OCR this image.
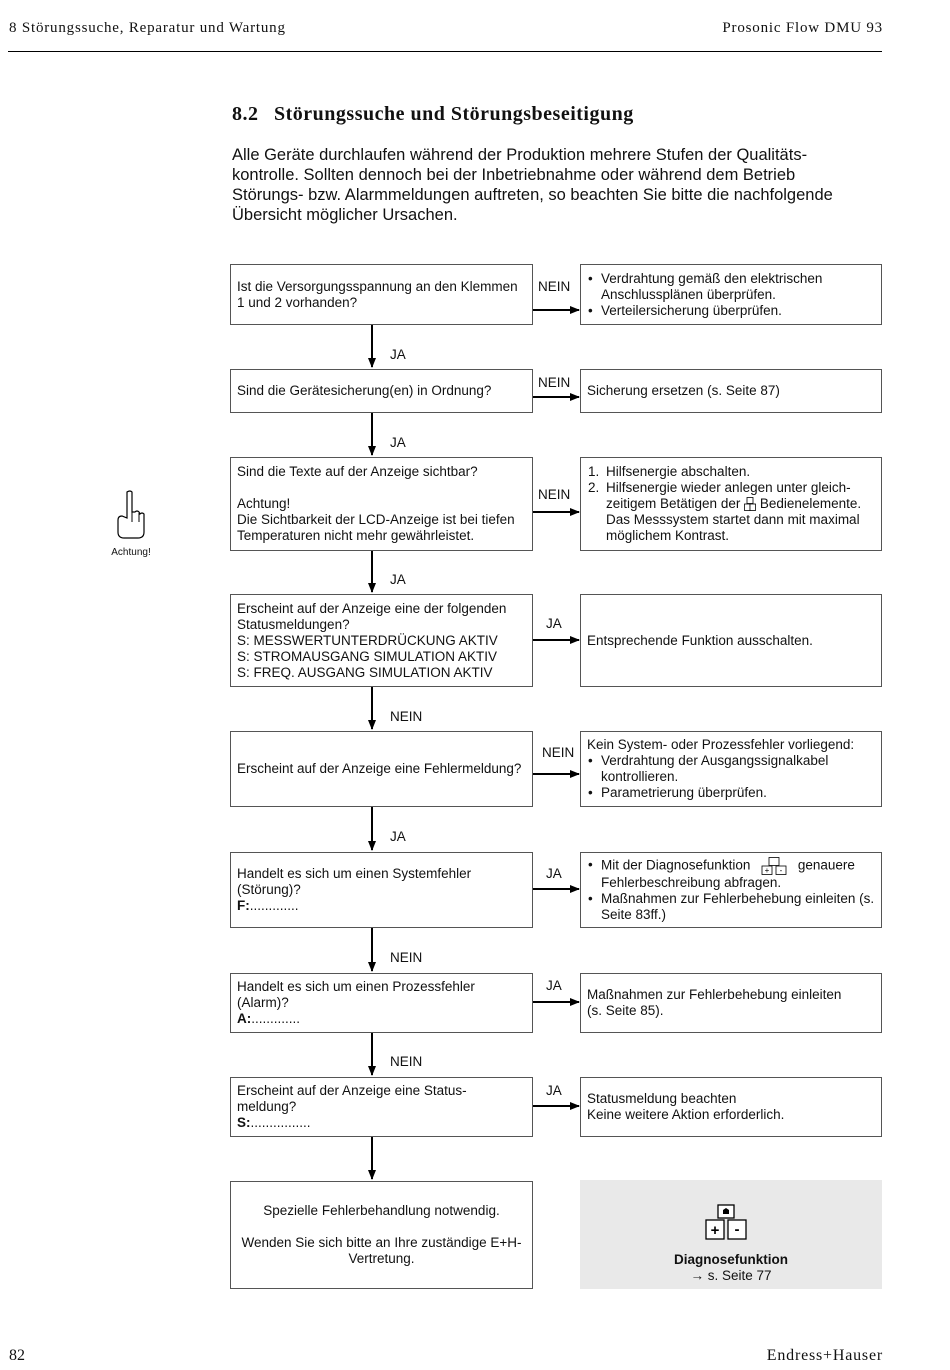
8 Störungssuche, Reparatur und Wartung	Prosonic Flow DMU 93
8.2 Störungssuche und Störungsbeseitigung

Alle Geräte durchlaufen während der Produktion mehrere Stufen der Qualitäts-

kontrolle. Sollten dennoch bei der Inbetriebnahme oder während dem Betrieb

Störungs- bzw. Alarmmeldungen auftreten, so beachten Sie bitte die nachfolgende

Übersicht möglicher Ursachen.

Ist die Versorgungsspannung an den Klemmen
1 und 2 vorhanden?
NEIN
• Verdrahtung gemäß den elektrischen Anschlussplänen überprüfen.
• Verteilersicherung überprüfen.
JA
Sind die Gerätesicherung(en) in Ordnung?
NEIN
Sicherung ersetzen (s. Seite 87)
JA
Achtung!
Sind die Texte auf der Anzeige sichtbar?

Achtung!
Die Sichtbarkeit der LCD-Anzeige ist bei tiefen
Temperaturen nicht mehr gewährleistet.
NEIN
1. Hilfsenergie abschalten.
2. Hilfsenergie wieder anlegen unter gleich-zeitigem Betätigen der Bedienelemente. Das Messsystem startet dann mit maximal möglichem Kontrast.
JA
Erscheint auf der Anzeige eine der folgenden
Statusmeldungen?
S: MESSWERTUNTERDRÜCKUNG AKTIV
S: STROMAUSGANG SIMULATION AKTIV
S: FREQ. AUSGANG SIMULATION AKTIV
JA
Entsprechende Funktion ausschalten.
NEIN
Erscheint auf der Anzeige eine Fehlermeldung?
NEIN
Kein System- oder Prozessfehler vorliegend:
• Verdrahtung der Ausgangssignalkabel kontrollieren.
• Parametrierung überprüfen.
JA
Handelt es sich um einen Systemfehler
(Störung)?
F:.............
JA
• Mit der Diagnosefunktion + - genauere Fehlerbeschreibung abfragen.
• Maßnahmen zur Fehlerbehebung einleiten (s. Seite 83ff.)
NEIN
Handelt es sich um einen Prozessfehler
(Alarm)?
A:.............
JA
Maßnahmen zur Fehlerbehebung einleiten
(s. Seite 85).
NEIN
Erscheint auf der Anzeige eine Status-
meldung?
S:................
JA
Statusmeldung beachten
Keine weitere Aktion erforderlich.
Spezielle Fehlerbehandlung notwendig.
Wenden Sie sich bitte an Ihre zuständige E+H-Vertretung.
+ -
Diagnosefunktion
→ s. Seite 77
82	Endress+Hauser
